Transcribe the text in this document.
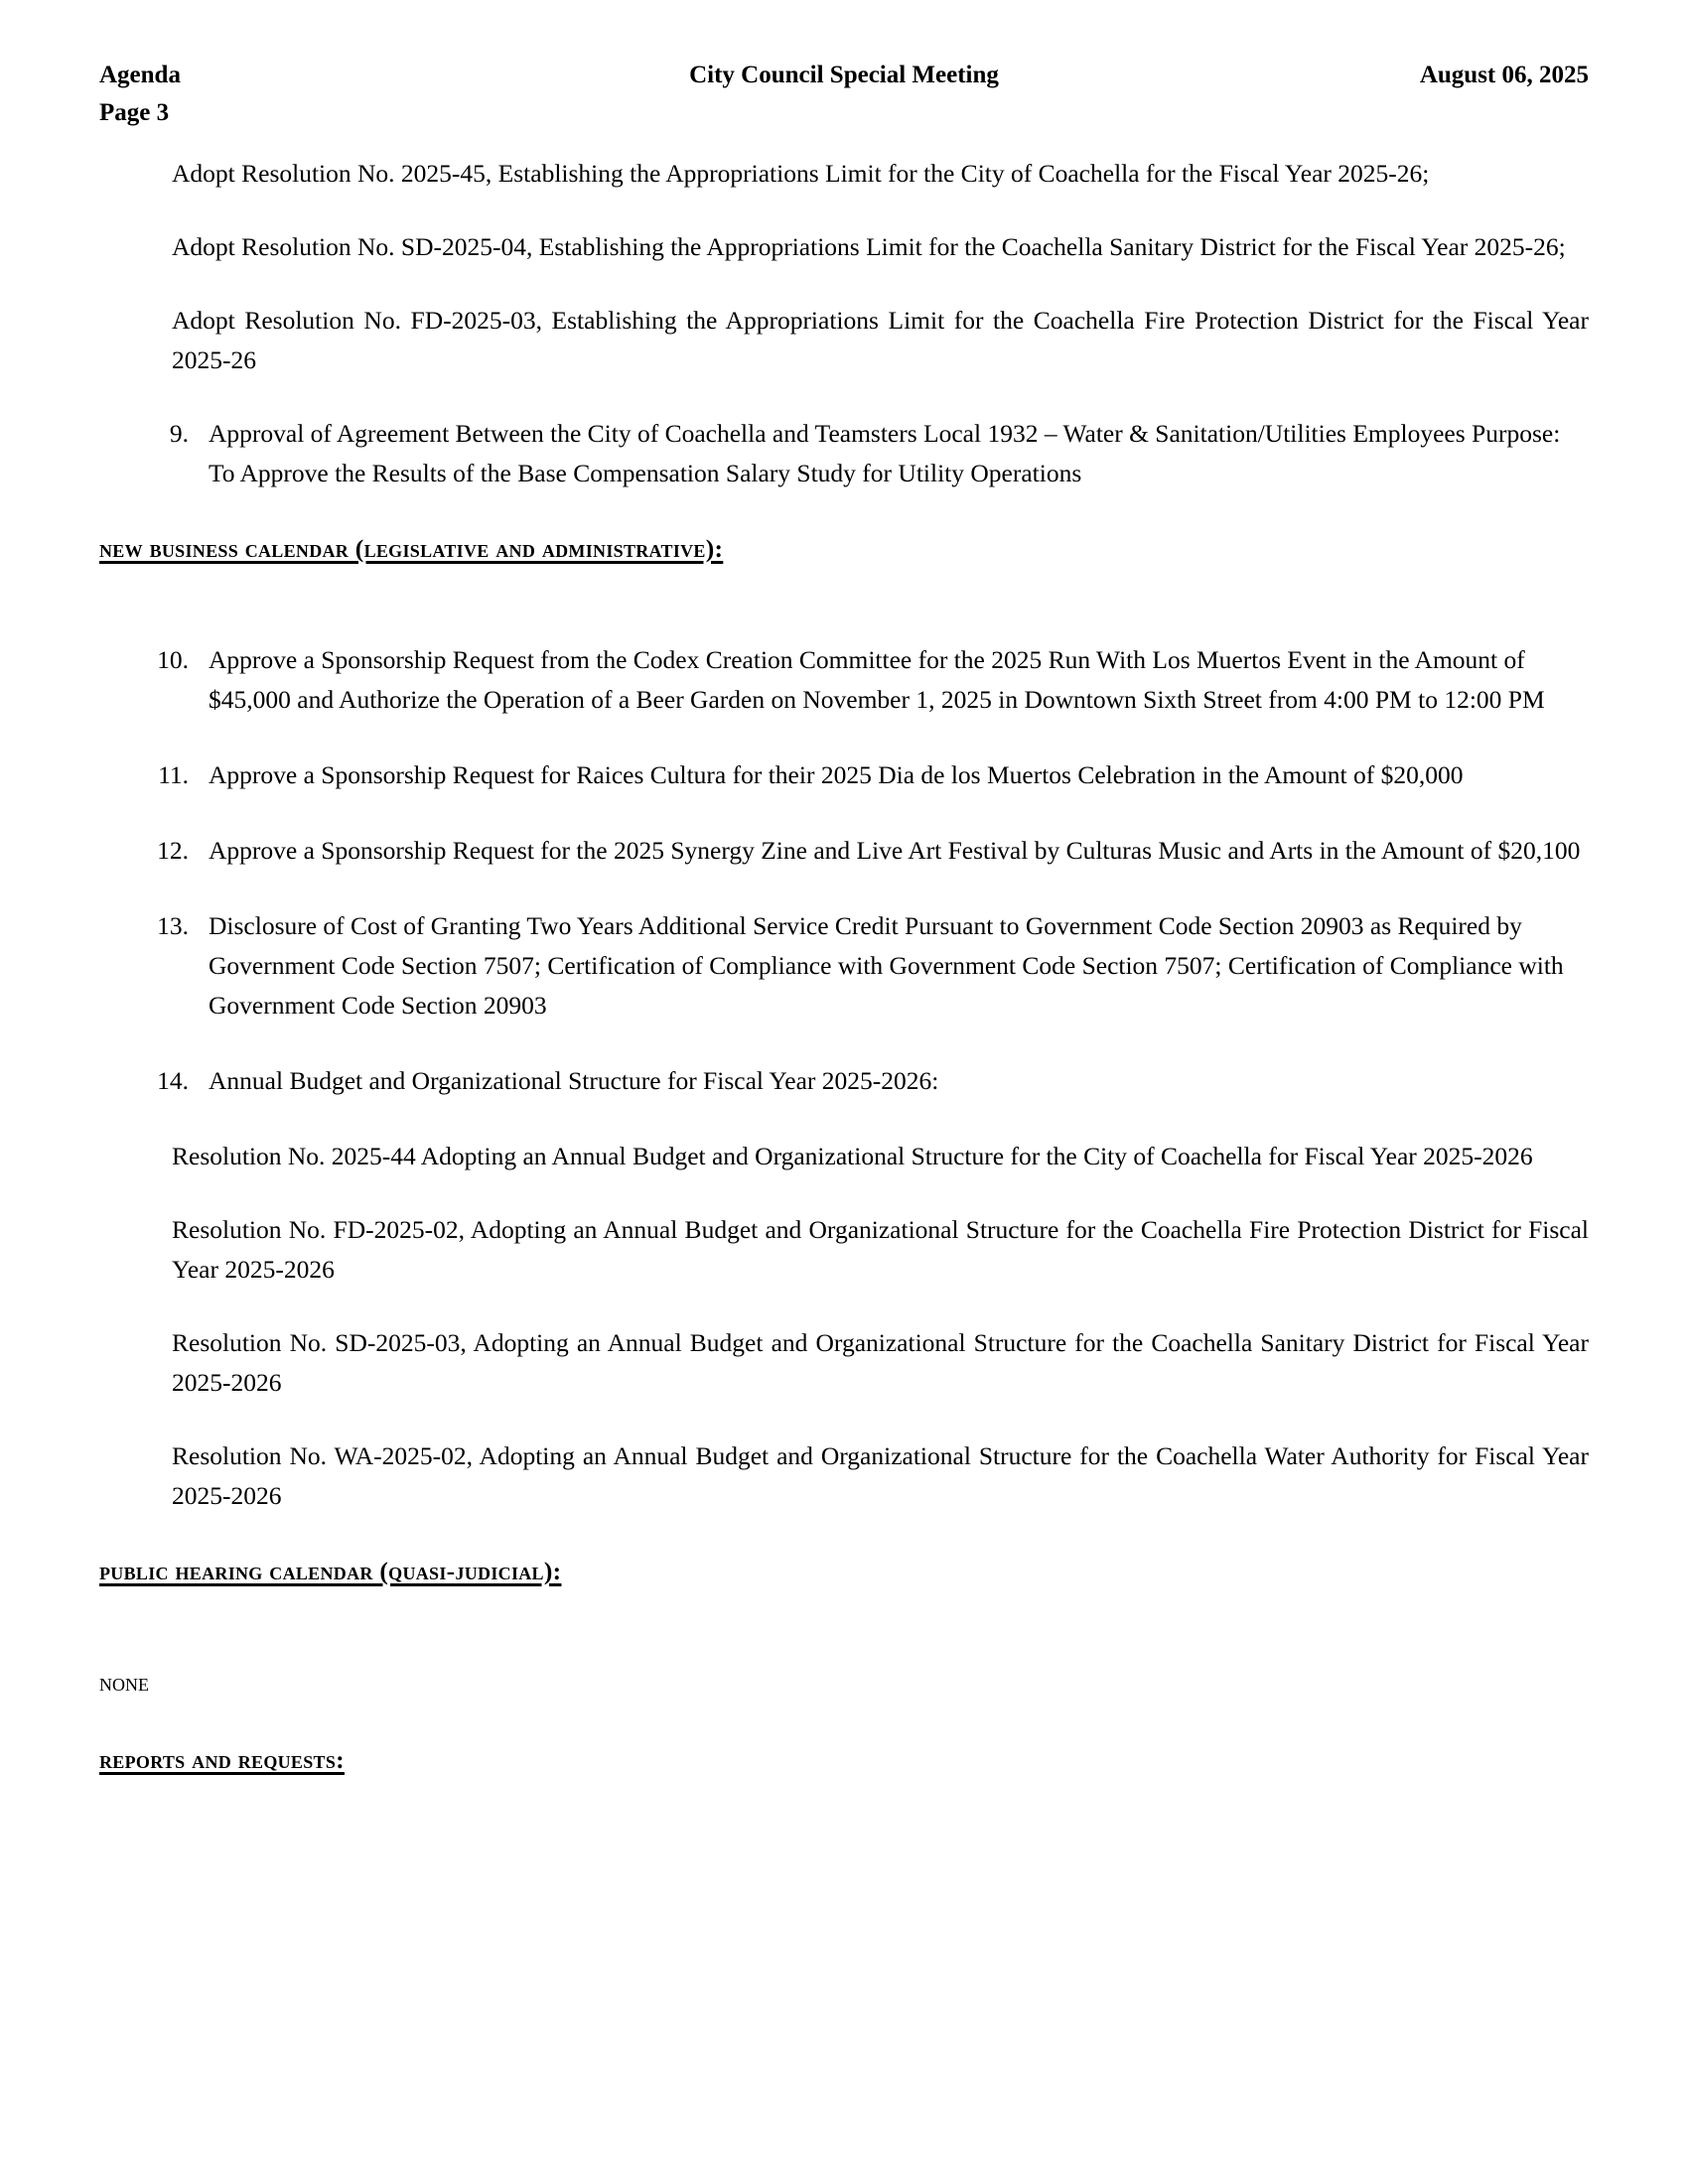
Agenda	City Council Special Meeting	August 06, 2025
Page 3

Adopt Resolution No. 2025-45, Establishing the Appropriations Limit for the City of Coachella for the Fiscal Year 2025-26;

Adopt Resolution No. SD-2025-04, Establishing the Appropriations Limit for the Coachella Sanitary District for the Fiscal Year 2025-26;

Adopt Resolution No. FD-2025-03, Establishing the Appropriations Limit for the Coachella Fire Protection District for the Fiscal Year 2025-26

9. Approval of Agreement Between the City of Coachella and Teamsters Local 1932 – Water & Sanitation/Utilities Employees Purpose: To Approve the Results of the Base Compensation Salary Study for Utility Operations
new business calendar (legislative and administrative):
10. Approve a Sponsorship Request from the Codex Creation Committee for the 2025 Run With Los Muertos Event in the Amount of $45,000 and Authorize the Operation of a Beer Garden on November 1, 2025 in Downtown Sixth Street from 4:00 PM to 12:00 PM
11. Approve a Sponsorship Request for Raices Cultura for their 2025 Dia de los Muertos Celebration in the Amount of $20,000
12. Approve a Sponsorship Request for the 2025 Synergy Zine and Live Art Festival by Culturas Music and Arts in the Amount of $20,100
13. Disclosure of Cost of Granting Two Years Additional Service Credit Pursuant to Government Code Section 20903 as Required by Government Code Section 7507; Certification of Compliance with Government Code Section 7507; Certification of Compliance with Government Code Section 20903
14. Annual Budget and Organizational Structure for Fiscal Year 2025-2026:

Resolution No. 2025-44 Adopting an Annual Budget and Organizational Structure for the City of Coachella for Fiscal Year 2025-2026

Resolution No. FD-2025-02, Adopting an Annual Budget and Organizational Structure for the Coachella Fire Protection District for Fiscal Year 2025-2026

Resolution No. SD-2025-03, Adopting an Annual Budget and Organizational Structure for the Coachella Sanitary District for Fiscal Year 2025-2026

Resolution No. WA-2025-02, Adopting an Annual Budget and Organizational Structure for the Coachella Water Authority for Fiscal Year 2025-2026

public hearing calendar (quasi-judicial):

none

reports and requests:
